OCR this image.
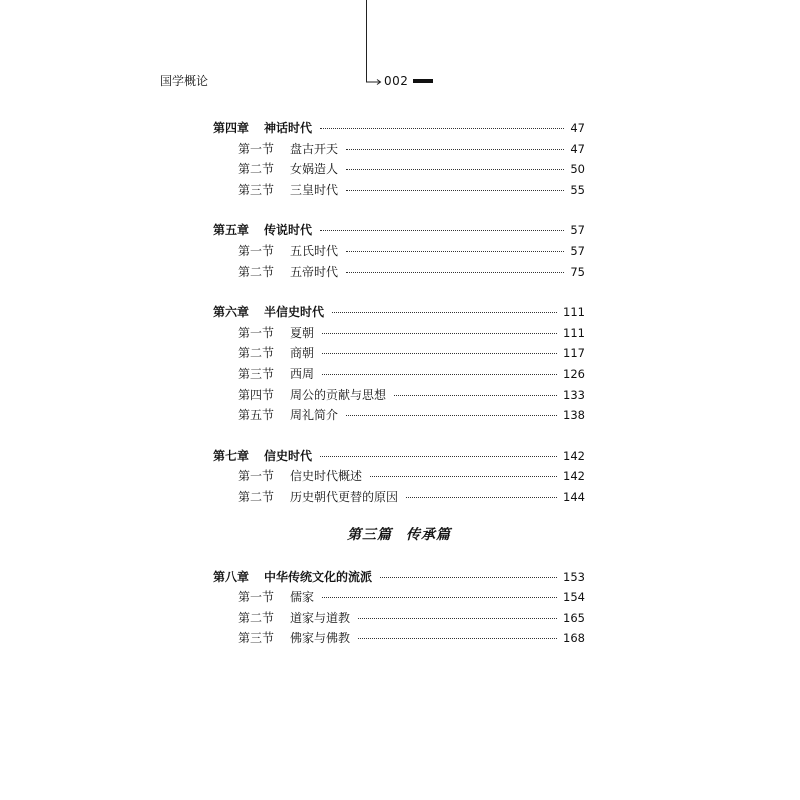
国学概论	002
第四章 神话时代	47
第一节 盘古开天	47
第二节 女娲造人	50
第三节 三皇时代	55
第五章 传说时代	57
第一节 五氏时代	57
第二节 五帝时代	75
第六章 半信史时代	111
第一节 夏朝	111
第二节 商朝	117
第三节 西周	126
第四节 周公的贡献与思想	133
第五节 周礼简介	138
第七章 信史时代	142
第一节 信史时代概述	142
第二节 历史朝代更替的原因	144
第三篇 传承篇
第八章 中华传统文化的流派	153
第一节 儒家	154
第二节 道家与道教	165
第三节 佛家与佛教	168
